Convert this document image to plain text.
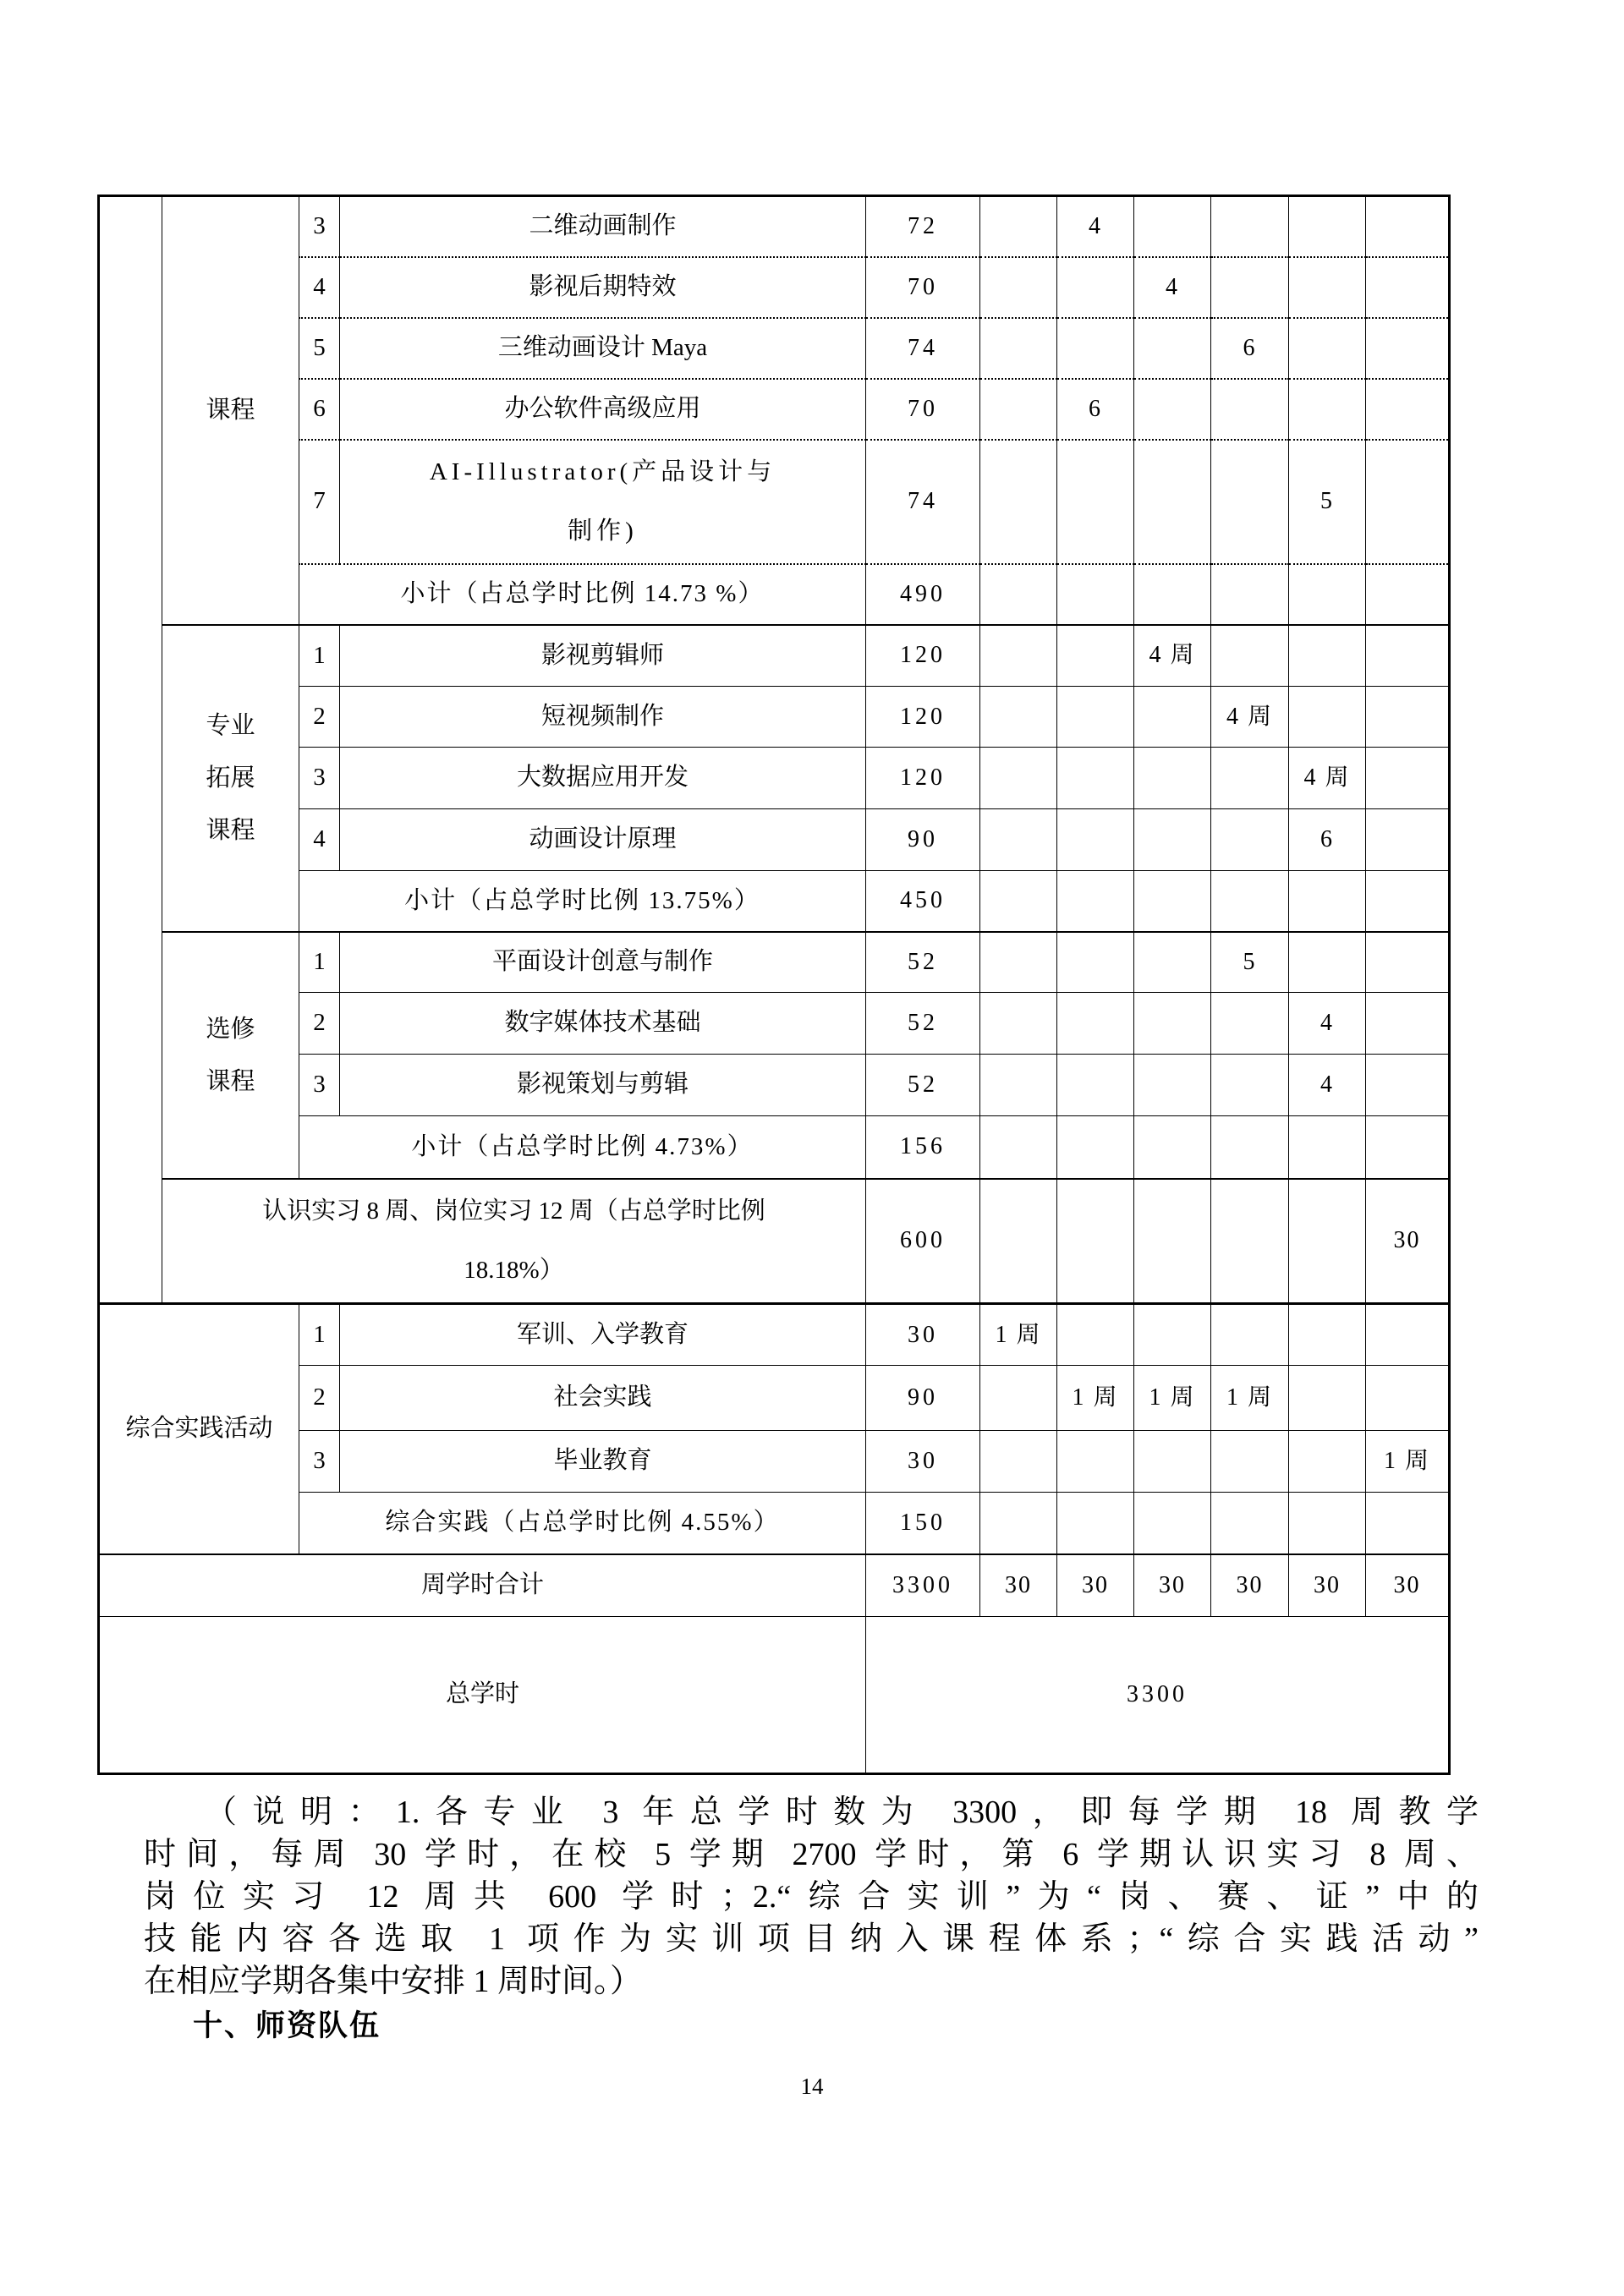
	课程	3	二维动画制作	72		4				
		4	影视后期特效	70			4			
		5	三维动画设计 Maya	74				6		
		6	办公软件高级应用	70		6				
		7	AI-Illustrator(产品设计与
制作)	74					5	
		小计（占总学时比例 14.73 %）		490						

	专业
拓展
课程	1	影视剪辑师	120			4 周			
		2	短视频制作	120				4 周		
		3	大数据应用开发	120					4 周	
		4	动画设计原理	90					6	
		小计（占总学时比例 13.75%）		450						

	选修
课程	1	平面设计创意与制作	52				5		
		2	数字媒体技术基础	52					4	
		3	影视策划与剪辑	52					4	
		小计（占总学时比例 4.73%）		156						

	认识实习 8 周、岗位实习 12 周（占总学时比例
18.18%）			600						30
综合实践活动		1	军训、入学教育	30	1 周					
		2	社会实践	90		1 周	1 周	1 周		
		3	毕业教育	30						1 周
		综合实践（占总学时比例 4.55%）		150						
周学时合计				3300	30	30	30	30	30	30
总学时				3300						
（说明：1.各专业 3 年总学时数为 3300，即每学期 18 周教学
时间，每周 30 学时，在校 5 学期 2700 学时，第 6 学期认识实习 8 周、
岗位实习 12 周共 600 学时；2.“综合实训”为“岗、赛、证”中的
技能内容各选取 1 项作为实训项目纳入课程体系；“综合实践活动”
在相应学期各集中安排 1 周时间。）
十、师资队伍
14
